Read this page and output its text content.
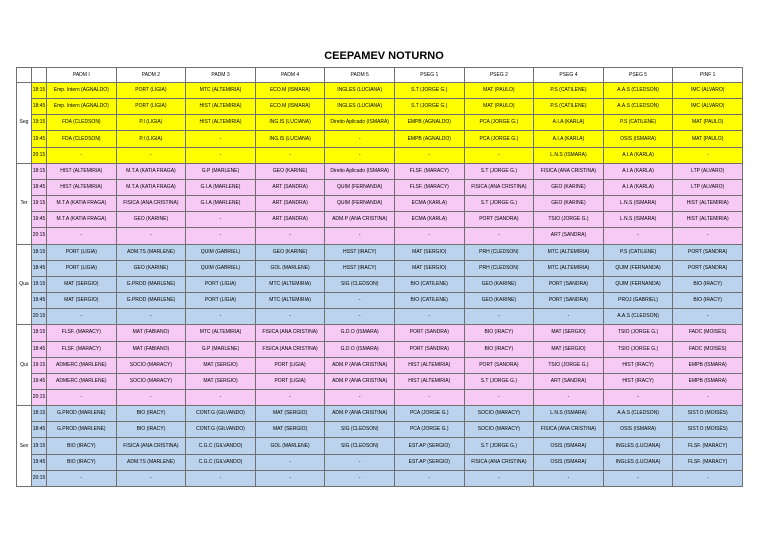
CEEPAMEV NOTURNO
		PADM I	PADM 2	PADM 3	PADM 4	PADM 5	PSEG 1	PSEG 2	PSEG 4	PSEG 5	PINF 1
Seg	18:15	Emp. Intern (AGNALDO)	PORT (LIGIA)	MTC (ALTEMIRIA)	ECO.M (ISMARA)	INGLES (LUCIANA)	S.T (JORGE G.)	MAT (PAULO)	P.S (CATILENE)	A.A.S (CLEDSON)	IMC (ALVARO)
	18:45	Emp. Intern (AGNALDO)	PORT (LIGIA)	HIST (ALTEMIRIA)	ECO.M (ISMARA)	INGLES (LUCIANA)	S.T (JORGE G.)	MAT (PAULO)	P.S (CATILENE)	A.A.S (CLEDSON)	IMC (ALVARO)
	19:15	FDA (CLEDSON)	P.I (LIGIA)	HIST (ALTEMIRIA)	ING.IS (LUCIANA)	Direito Aplicado (ISMARA)	EMPB (AGNALDO)	PCA (JORGE G.)	A.I.A (KARLA)	P.S (CATILENE)	MAT (PAULO)
	19:45	FDA (CLEDSON)	P.I (LIGIA)	-	ING.IS (LUCIANA)	-	EMPB (AGNALDO)	PCA (JORGE G.)	A.I.A (KARLA)	OSIS (ISMARA)	MAT (PAULO)
	20:15	-	-	-	-	-	-	-	L.N.S (ISMARA)	A.I.A (KARLA)	-
Ter	18:15	HIST (ALTEMIRIA)	M.T.A (KATIA FRAGA)	G.P (MARLENE)	GEO (KARINE)	Direito Aplicado (ISMARA)	FLSF. (MARACY)	S.T (JORGE G.)	FISICA (ANA CRISTINA)	A.I.A (KARLA)	LTP (ALVARO)
	18:45	HIST (ALTEMIRIA)	M.T.A (KATIA FRAGA)	G.I.A (MARLENE)	ART (SANDRA)	QUIM (FERNANDA)	FLSF. (MARACY)	FISICA (ANA CRISTINA)	GEO (KARINE)	A.I.A (KARLA)	LTP (ALVARO)
	19:15	M.T.A (KATIA FRAGA)	FISICA (ANA CRISTINA)	G.I.A (MARLENE)	ART (SANDRA)	QUIM (FERNANDA)	ECMA (KARLA)	S.T (JORGE G.)	GEO (KARINE)	L.N.S (ISMARA)	HIST (ALTEMIRIA)
	19:45	M.T.A (KATIA FRAGA)	GEO (KARINE)	-	ART (SANDRA)	ADM.P (ANA CRISTINA)	ECMA (KARLA)	PORT (SANDRA)	TSIO (JORGE G.)	L.N.S (ISMARA)	HIST (ALTEMIRIA)
	20:15	-	-	-	-	-	-	-	ART (SANDRA)	-	-
Qua	18:15	PORT (LIGIA)	ADM.TS (MARLENE)	QUIM (GABRIEL)	GEO (KARINE)	HSST (IRACY)	MAT (SERGIO)	PRH (CLEDSON)	MTC (ALTEMIRIA)	P.S (CATILENE)	PORT (SANDRA)
	18:45	PORT (LIGIA)	GEO (KARINE)	QUIM (GABRIEL)	GOL (MARLENE)	HSST (IRACY)	MAT (SERGIO)	PRH (CLEDSON)	MTC (ALTEMIRIA)	QUIM (FERNANDA)	PORT (SANDRA)
	19:15	MAT (SERGIO)	G.PROD (MARLENE)	PORT (LIGIA)	MTC (ALTEMIRIA)	SIG (CLEDSON)	BIO (CATILENE)	GEO (KARINE)	PORT (SANDRA)	QUIM (FERNANDA)	BIO (IRACY)
	19:45	MAT (SERGIO)	G.PROD (MARLENE)	PORT (LIGIA)	MTC (ALTEMIRIA)	-	BIO (CATILENE)	GEO (KARINE)	PORT (SANDRA)	PROJ (GABRIEL)	BIO (IRACY)
	20:15	-	-	-	-	-	-	-	-	A.A.S (CLEDSON)	-
Qui	18:15	FLSF. (MARACY)	MAT (FABIANO)	MTC (ALTEMIRIA)	FISICA (ANA CRISTINA)	G.D.O (ISMARA)	PORT (SANDRA)	BIO (IRACY)	MAT (SERGIO)	TSIO (JORGE G.)	FADC (MOISÉS)
	18:45	FLSF. (MARACY)	MAT (FABIANO)	G.P (MARLENE)	FISICA (ANA CRISTINA)	G.D.O (ISMARA)	PORT (SANDRA)	BIO (IRACY)	MAT (SERGIO)	TSIO (JORGE G.)	FADC (MOISÉS)
	19:15	ADMERC (MARLENE)	SOCIO (MARACY)	MAT (SERGIO)	PORT (LIGIA)	ADM.P (ANA CRISTINA)	HIST (ALTEMIRIA)	PORT (SANDRA)	TSIO (JORGE G.)	HIST (IRACY)	EMPB (ISMARA)
	19:45	ADMERC (MARLENE)	SOCIO (MARACY)	MAT (SERGIO)	PORT (LIGIA)	ADM.P (ANA CRISTINA)	HIST (ALTEMIRIA)	S.T (JORGE G.)	ART (SANDRA)	HIST (IRACY)	EMPB (ISMARA)
	20:15	-	-	-	-	-	-	-	-	-	-
Sex	18:15	G.PROD (MARLENE)	BIO (IRACY)	CONT.G (GILVANDO)	MAT (SERGIO)	ADM.P (ANA CRISTINA)	PCA (JORGE G.)	SOCIO (MARACY)	L.N.S (ISMARA)	A.A.S (CLEDSON)	SIST.O (MOISÉS)
	18:45	G.PROD (MARLENE)	BIO (IRACY)	CONT.G (GILVANDO)	MAT (SERGIO)	SIG (CLEDSON)	PCA (JORGE G.)	SOCIO (MARACY)	FISICA (ANA CRISTINA)	OSIS (ISMARA)	SIST.O (MOISÉS)
	19:15	BIO (IRACY)	FISICA (ANA CRISTINA)	C.G.C (GILVANDO)	GOL (MARLENE)	SIG (CLEDSON)	EST.AP (SERGIO)	S.T (JORGE G.)	OSIS (ISMARA)	INGLES (LUCIANA)	FLSF. (MARACY)
	19:45	BIO (IRACY)	ADM.TS (MARLENE)	C.G.C (GILVANDO)	-	-	EST.AP (SERGIO)	FISICA (ANA CRISTINA)	OSIS (ISMARA)	INGLES (LUCIANA)	FLSF. (MARACY)
	20:15	-	-	-	-	-	-	-	-	-	-
